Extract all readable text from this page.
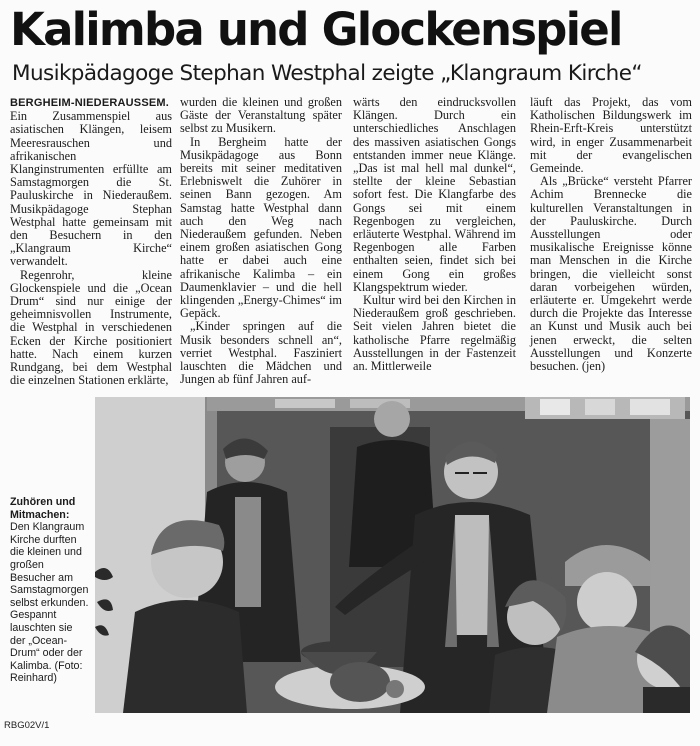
Kalimba und Glockenspiel
Musikpädagoge Stephan Westphal zeigte „Klangraum Kirche“

BERGHEIM-NIEDERAUSSEM. Ein Zusammenspiel aus asiatischen Klängen, leisem Meeresrauschen und afrikanischen Klanginstrumenten erfüllte am Samstagmorgen die St. Pauluskirche in Niederaußem. Musikpädagoge Stephan Westphal hatte gemeinsam mit den Besuchern in den „Klangraum Kirche“ verwandelt.

Regenrohr, kleine Glockenspiele und die „Ocean Drum“ sind nur einige der geheimnisvollen Instrumente, die Westphal in verschiedenen Ecken der Kirche positioniert hatte. Nach einem kurzen Rundgang, bei dem Westphal die einzelnen Stationen erklärte,

wurden die kleinen und großen Gäste der Veranstaltung später selbst zu Musikern.

In Bergheim hatte der Musikpädagoge aus Bonn bereits mit seiner meditativen Erlebniswelt die Zuhörer in seinen Bann gezogen. Am Samstag hatte Westphal dann auch den Weg nach Niederaußem gefunden. Neben einem großen asiatischen Gong hatte er dabei auch eine afrikanische Kalimba – ein Daumenklavier – und die hell klingenden „Energy-Chimes“ im Gepäck.

„Kinder springen auf die Musik besonders schnell an“, verriet Westphal. Fasziniert lauschten die Mädchen und Jungen ab fünf Jahren auf-

wärts den eindrucksvollen Klängen. Durch ein unterschiedliches Anschlagen des massiven asiatischen Gongs entstanden immer neue Klänge. „Das ist mal hell mal dunkel“, stellte der kleine Sebastian sofort fest. Die Klangfarbe des Gongs sei mit einem Regenbogen zu vergleichen, erläuterte Westphal. Während im Regenbogen alle Farben enthalten seien, findet sich bei einem Gong ein großes Klangspektrum wieder.

Kultur wird bei den Kirchen in Niederaußem groß geschrieben. Seit vielen Jahren bietet die katholische Pfarre regelmäßig Ausstellungen in der Fastenzeit an. Mittlerweile

läuft das Projekt, das vom Katholischen Bildungswerk im Rhein-Erft-Kreis unterstützt wird, in enger Zusammenarbeit mit der evangelischen Gemeinde.

Als „Brücke“ versteht Pfarrer Achim Brennecke die kulturellen Veranstaltungen in der Pauluskirche. Durch Ausstellungen oder musikalische Ereignisse könne man Menschen in die Kirche bringen, die vielleicht sonst daran vorbeigehen würden, erläuterte er. Umgekehrt werde durch die Projekte das Interesse an Kunst und Musik auch bei jenen erweckt, die selten Ausstellungen und Konzerte besuchen. (jen)

Zuhören und Mitmachen:
Den Klangraum Kirche durften die kleinen und großen Besucher am Samstagmorgen selbst erkunden. Gespannt lauschten sie der „Ocean-Drum“ oder der Kalimba. (Foto: Reinhard)
RBG02V/1
